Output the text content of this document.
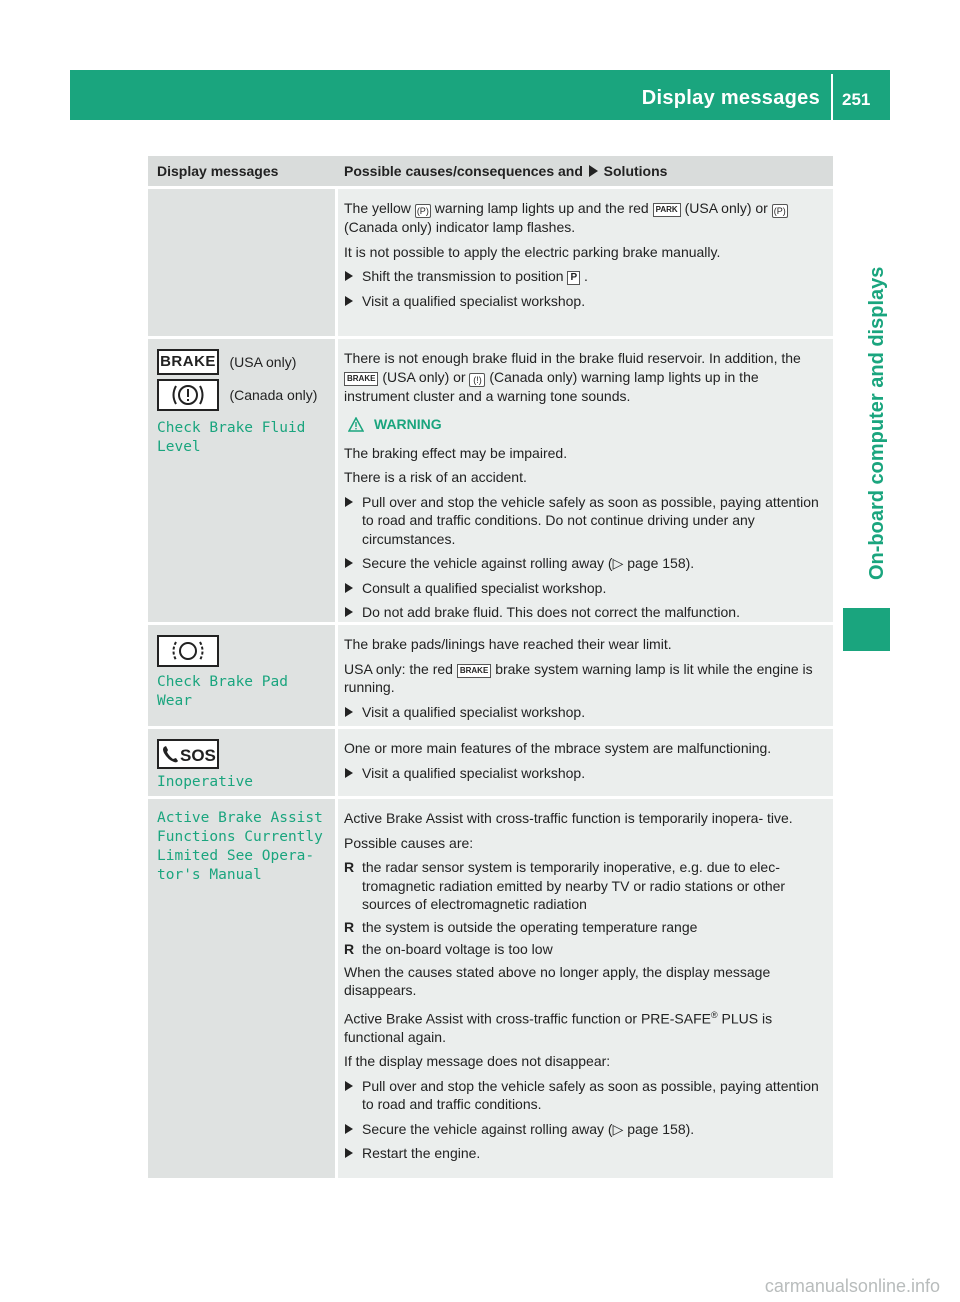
Display messages 251
On-board computer and displays
Display messages	Possible causes/consequences and Solutions
The yellow (P) warning lamp lights up and the red PARK (USA only) or (P) (Canada only) indicator lamp flashes.
It is not possible to apply the electric parking brake manually.
Shift the transmission to position P .
Visit a qualified specialist workshop.
BRAKE (USA only)
(Canada only)
Check Brake Fluid Level
There is not enough brake fluid in the brake fluid reservoir. In addition, the BRAKE (USA only) or (!) (Canada only) warning lamp lights up in the instrument cluster and a warning tone sounds.
WARNING
The braking effect may be impaired.
There is a risk of an accident.
Pull over and stop the vehicle safely as soon as possible, paying attention to road and traffic conditions. Do not continue driving under any circumstances.
Secure the vehicle against rolling away (▷ page 158).
Consult a qualified specialist workshop.
Do not add brake fluid. This does not correct the malfunction.
Check Brake Pad Wear
The brake pads/linings have reached their wear limit.
USA only: the red BRAKE brake system warning lamp is lit while the engine is running.
Visit a qualified specialist workshop.
SOS
Inoperative
One or more main features of the mbrace system are malfunctioning.
Visit a qualified specialist workshop.
Active Brake Assist Functions Currently Limited See Opera‐ tor's Manual
Active Brake Assist with cross-traffic function is temporarily inopera‐ tive.
Possible causes are:
R the radar sensor system is temporarily inoperative, e.g. due to elec‐ tromagnetic radiation emitted by nearby TV or radio stations or other sources of electromagnetic radiation
R the system is outside the operating temperature range
R the on-board voltage is too low
When the causes stated above no longer apply, the display message disappears.
Active Brake Assist with cross-traffic function or PRE-SAFE® PLUS is functional again.
If the display message does not disappear:
Pull over and stop the vehicle safely as soon as possible, paying attention to road and traffic conditions.
Secure the vehicle against rolling away (▷ page 158).
Restart the engine.
carmanualsonline.info
